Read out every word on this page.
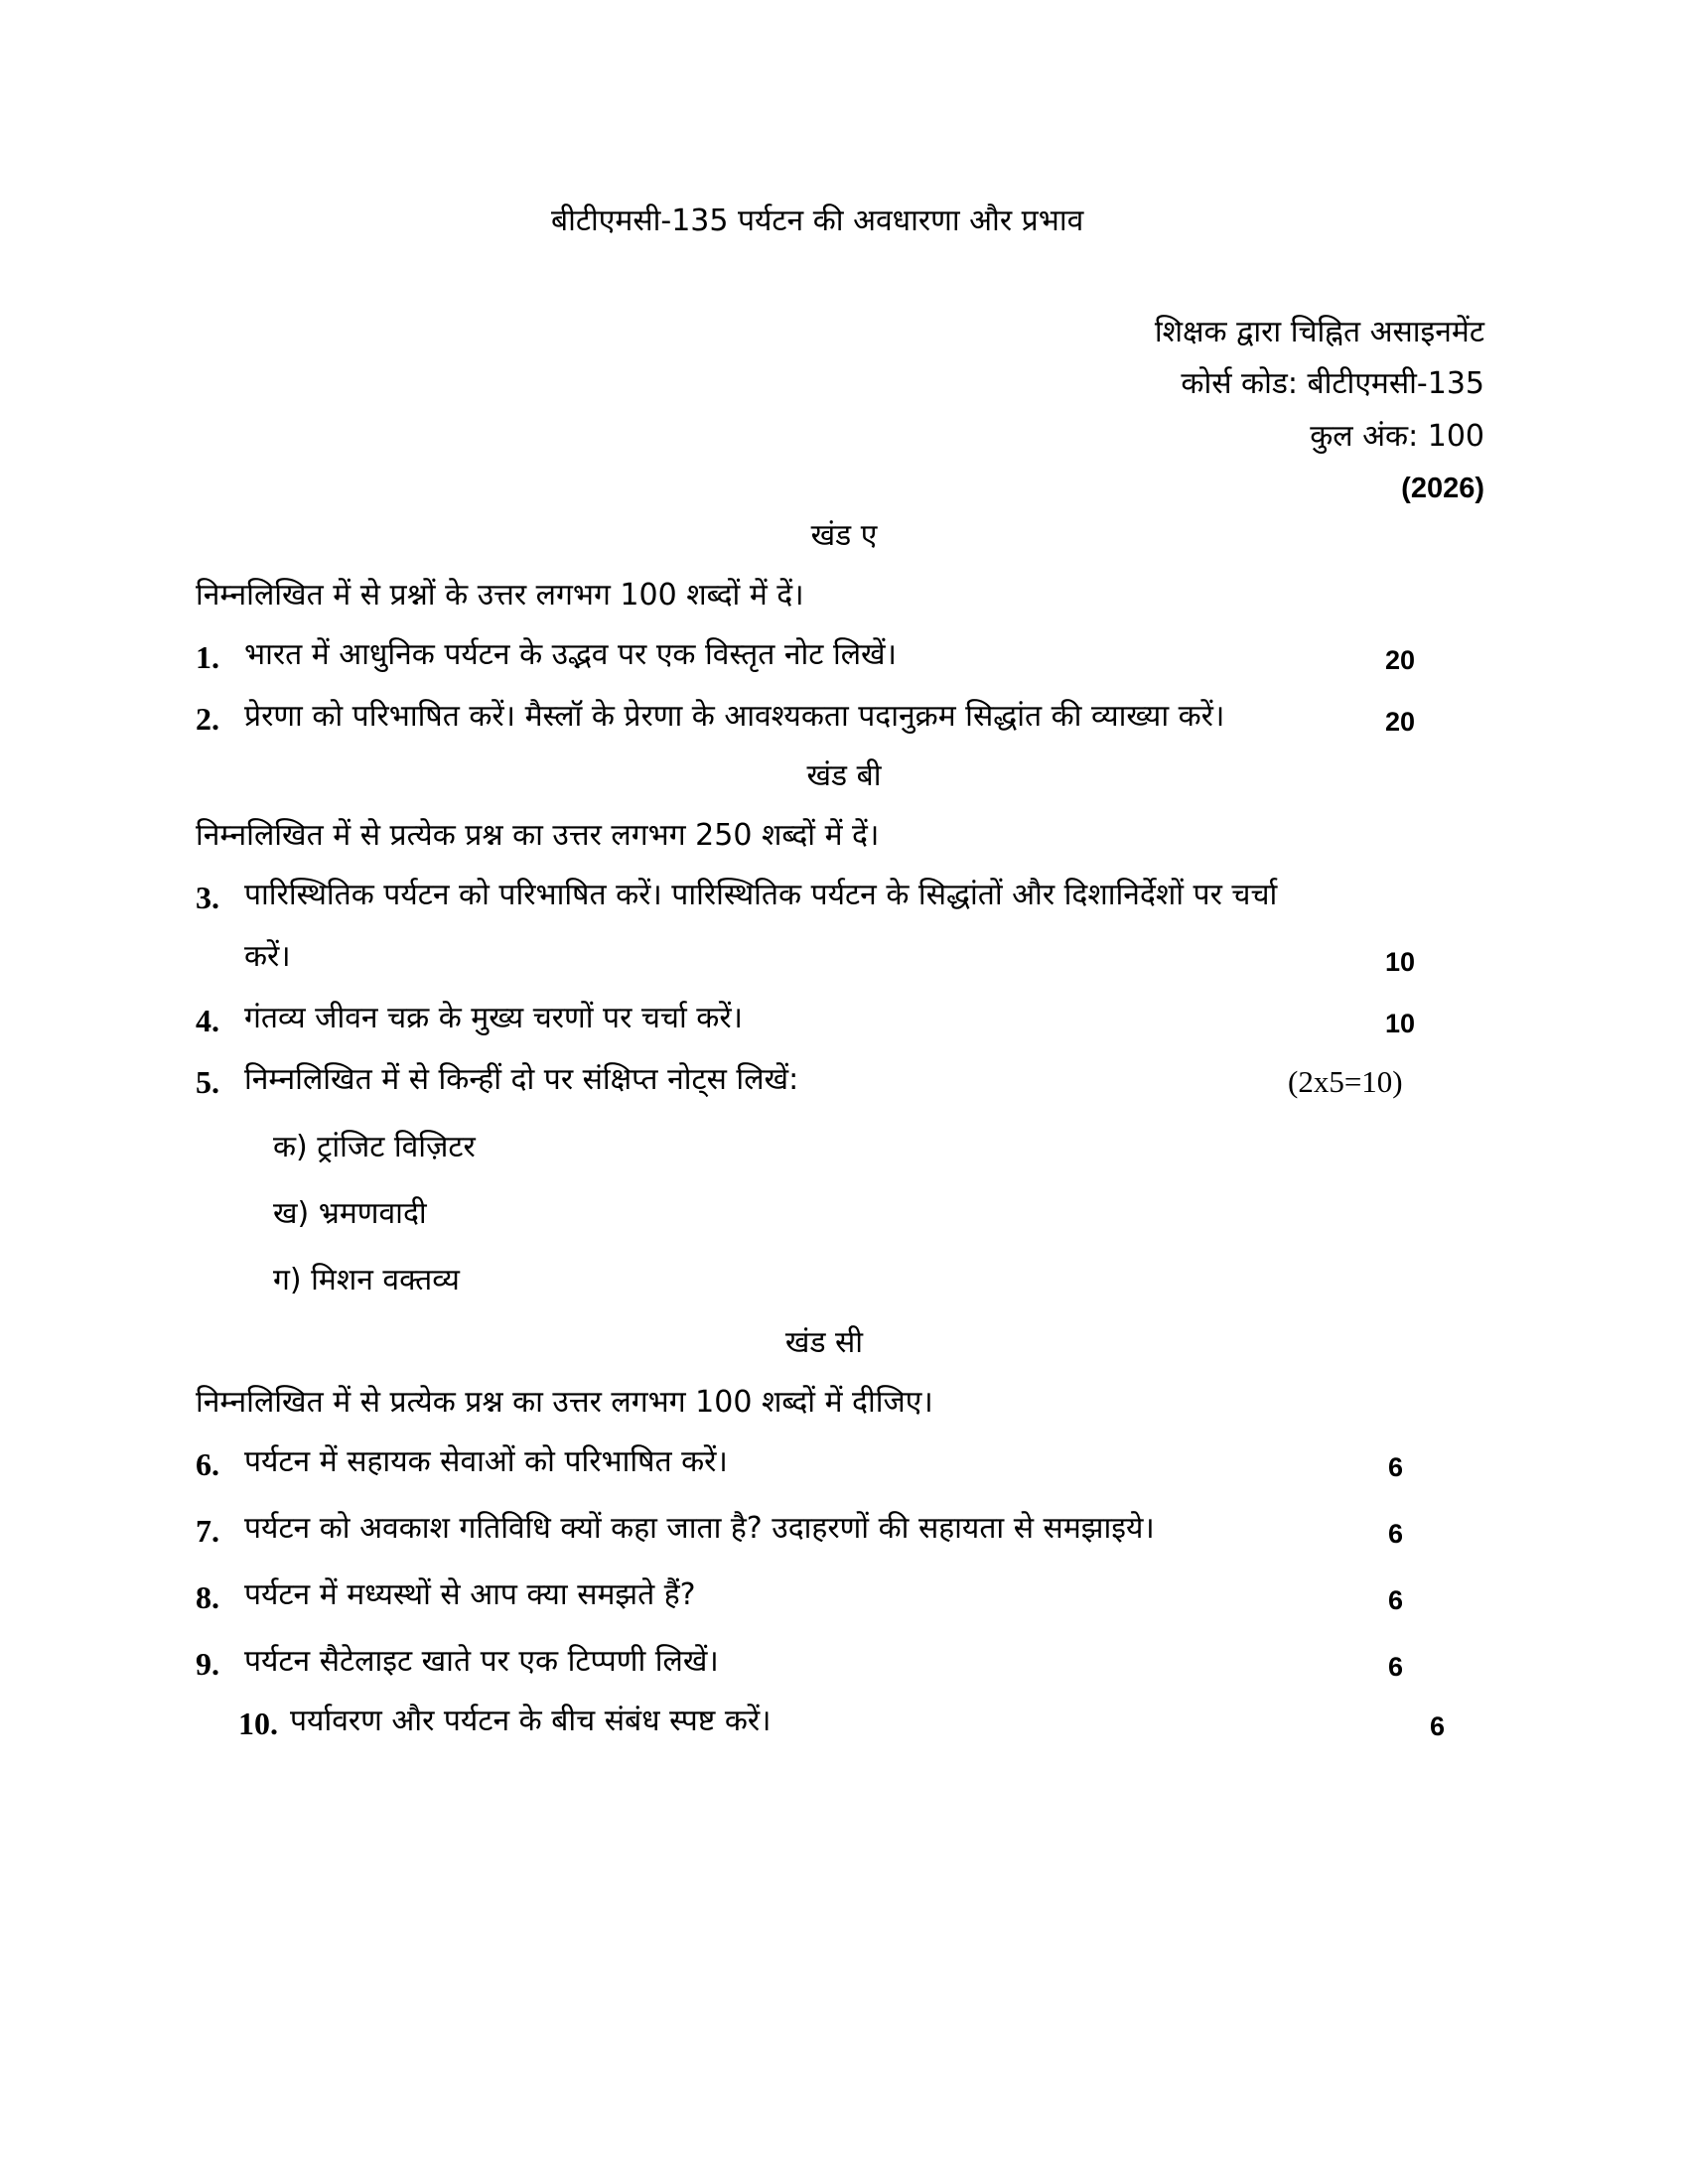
बीटीएमसी-135 पर्यटन की अवधारणा और प्रभाव
शिक्षक द्वारा चिह्नित असाइनमेंट
कोर्स कोड: बीटीएमसी-135
कुल अंक: 100
(2026)
खंड ए
निम्नलिखित में से प्रश्नों के उत्तर लगभग 100 शब्दों में दें।
1. भारत में आधुनिक पर्यटन के उद्भव पर एक विस्तृत नोट लिखें।	20
2. प्रेरणा को परिभाषित करें। मैस्लॉ के प्रेरणा के आवश्यकता पदानुक्रम सिद्धांत की व्याख्या करें।	20
खंड बी
निम्नलिखित में से प्रत्येक प्रश्न का उत्तर लगभग 250 शब्दों में दें।
3. पारिस्थितिक पर्यटन को परिभाषित करें। पारिस्थितिक पर्यटन के सिद्धांतों और दिशानिर्देशों पर चर्चा
करें।	10
4. गंतव्य जीवन चक्र के मुख्य चरणों पर चर्चा करें।	10
5. निम्नलिखित में से किन्हीं दो पर संक्षिप्त नोट्स लिखें:	(2x5=10)
क) ट्रांजिट विज़िटर
ख) भ्रमणवादी
ग) मिशन वक्तव्य
खंड सी
निम्नलिखित में से प्रत्येक प्रश्न का उत्तर लगभग 100 शब्दों में दीजिए।
6. पर्यटन में सहायक सेवाओं को परिभाषित करें।	6
7. पर्यटन को अवकाश गतिविधि क्यों कहा जाता है? उदाहरणों की सहायता से समझाइये।	6
8. पर्यटन में मध्यस्थों से आप क्या समझते हैं?	6
9. पर्यटन सैटेलाइट खाते पर एक टिप्पणी लिखें।	6
10. पर्यावरण और पर्यटन के बीच संबंध स्पष्ट करें।	6
